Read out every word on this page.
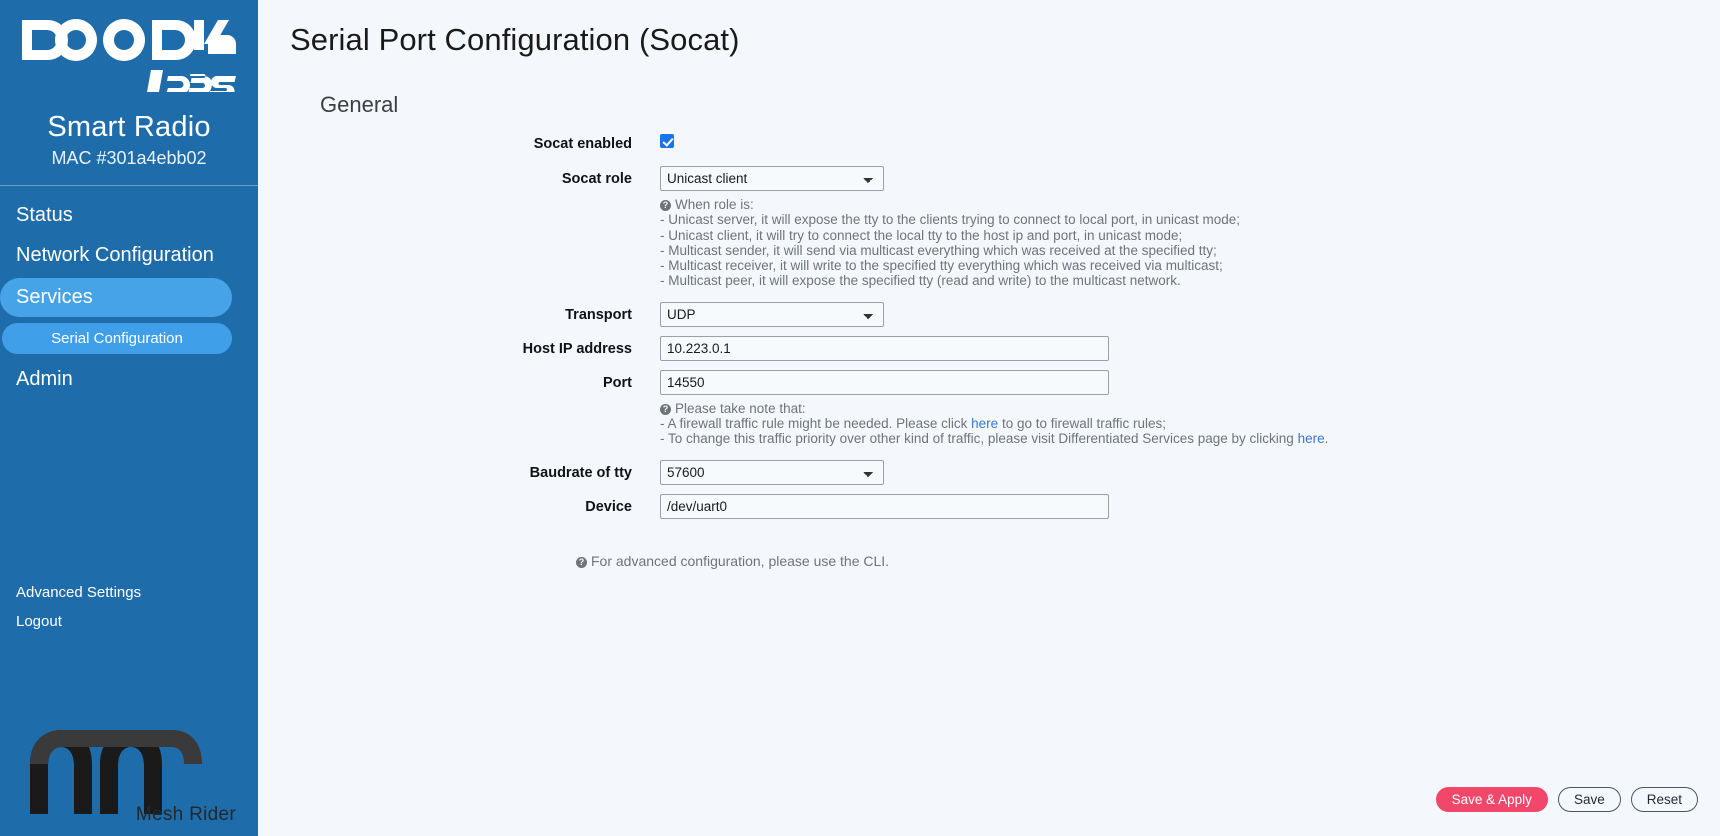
Smart Radio
MAC #301a4ebb02
Status
Network Configuration
Services
Serial Configuration
Admin
Advanced Settings
Logout
Mesh Rider
Serial Port Configuration (Socat)
General
Socat enabled
Socat role
Unicast client
? When role is:
- Unicast server, it will expose the tty to the clients trying to connect to local port, in unicast mode;
- Unicast client, it will try to connect the local tty to the host ip and port, in unicast mode;
- Multicast sender, it will send via multicast everything which was received at the specified tty;
- Multicast receiver, it will write to the specified tty everything which was received via multicast;
- Multicast peer, it will expose the specified tty (read and write) to the multicast network.
Transport
UDP
Host IP address
10.223.0.1
Port
14550
? Please take note that:
- A firewall traffic rule might be needed. Please click here to go to firewall traffic rules;
- To change this traffic priority over other kind of traffic, please visit Differentiated Services page by clicking here.
Baudrate of tty
57600
Device
/dev/uart0
? For advanced configuration, please use the CLI.
Save & Apply	Save	Reset
